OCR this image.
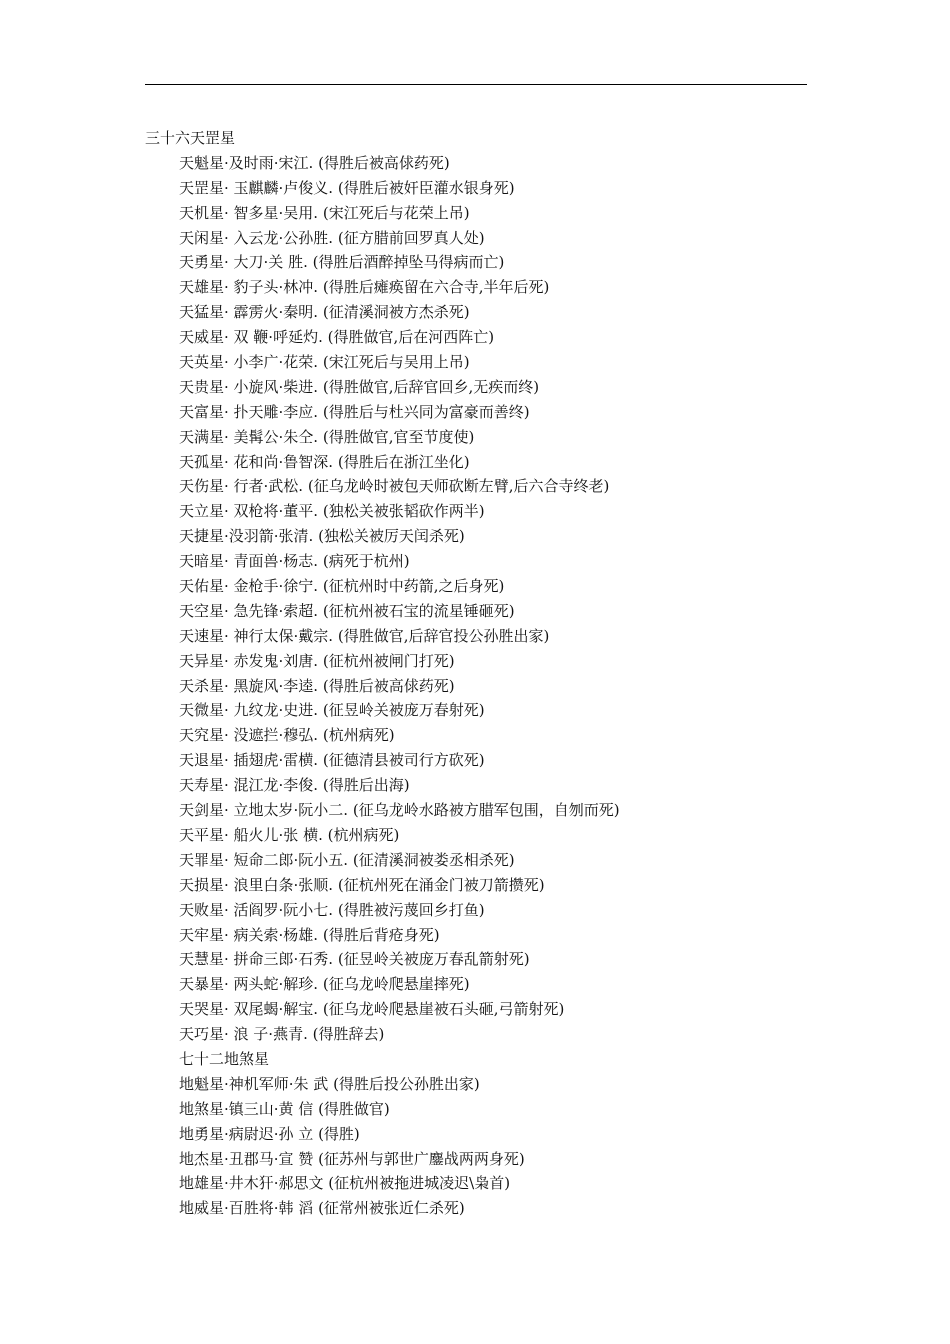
三十六天罡星
天魁星·及时雨·宋江. (得胜后被高俅药死)
天罡星· 玉麒麟·卢俊义. (得胜后被奸臣灌水银身死)
天机星· 智多星·吴用. (宋江死后与花荣上吊)
天闲星· 入云龙·公孙胜. (征方腊前回罗真人处)
天勇星· 大刀·关 胜. (得胜后酒醉掉坠马得病而亡)
天雄星· 豹子头·林冲. (得胜后瘫痪留在六合寺,半年后死)
天猛星· 霹雳火·秦明. (征清溪洞被方杰杀死)
天威星· 双 鞭·呼延灼. (得胜做官,后在河西阵亡)
天英星· 小李广·花荣. (宋江死后与吴用上吊)
天贵星· 小旋风·柴进. (得胜做官,后辞官回乡,无疾而终)
天富星· 扑天雕·李应. (得胜后与杜兴同为富豪而善终)
天满星· 美髯公·朱仝. (得胜做官,官至节度使)
天孤星· 花和尚·鲁智深. (得胜后在浙江坐化)
天伤星· 行者·武松. (征乌龙岭时被包天师砍断左臂,后六合寺终老)
天立星· 双枪将·董平. (独松关被张韬砍作两半)
天捷星·没羽箭·张清. (独松关被厉天闰杀死)
天暗星· 青面兽·杨志. (病死于杭州)
天佑星· 金枪手·徐宁. (征杭州时中药箭,之后身死)
天空星· 急先锋·索超. (征杭州被石宝的流星锤砸死)
天速星· 神行太保·戴宗. (得胜做官,后辞官投公孙胜出家)
天异星· 赤发鬼·刘唐. (征杭州被闸门打死)
天杀星· 黑旋风·李逵. (得胜后被高俅药死)
天微星· 九纹龙·史进. (征昱岭关被庞万春射死)
天究星· 没遮拦·穆弘. (杭州病死)
天退星· 插翅虎·雷横. (征德清县被司行方砍死)
天寿星· 混江龙·李俊. (得胜后出海)
天剑星· 立地太岁·阮小二. (征乌龙岭水路被方腊军包围，自刎而死)
天平星· 船火儿·张 横. (杭州病死)
天罪星· 短命二郎·阮小五. (征清溪洞被娄丞相杀死)
天损星· 浪里白条·张顺. (征杭州死在涌金门被刀箭攒死)
天败星· 活阎罗·阮小七. (得胜被污蔑回乡打鱼)
天牢星· 病关索·杨雄. (得胜后背疮身死)
天慧星· 拼命三郎·石秀. (征昱岭关被庞万春乱箭射死)
天暴星· 两头蛇·解珍. (征乌龙岭爬悬崖摔死)
天哭星· 双尾蝎·解宝. (征乌龙岭爬悬崖被石头砸,弓箭射死)
天巧星· 浪 子·燕青. (得胜辞去)
七十二地煞星
地魁星·神机军师·朱 武 (得胜后投公孙胜出家)
地煞星·镇三山·黄 信 (得胜做官)
地勇星·病尉迟·孙 立 (得胜)
地杰星·丑郡马·宣 赞 (征苏州与郭世广鏖战两两身死)
地雄星·井木犴·郝思文 (征杭州被拖进城凌迟\枭首)
地威星·百胜将·韩 滔 (征常州被张近仁杀死)
